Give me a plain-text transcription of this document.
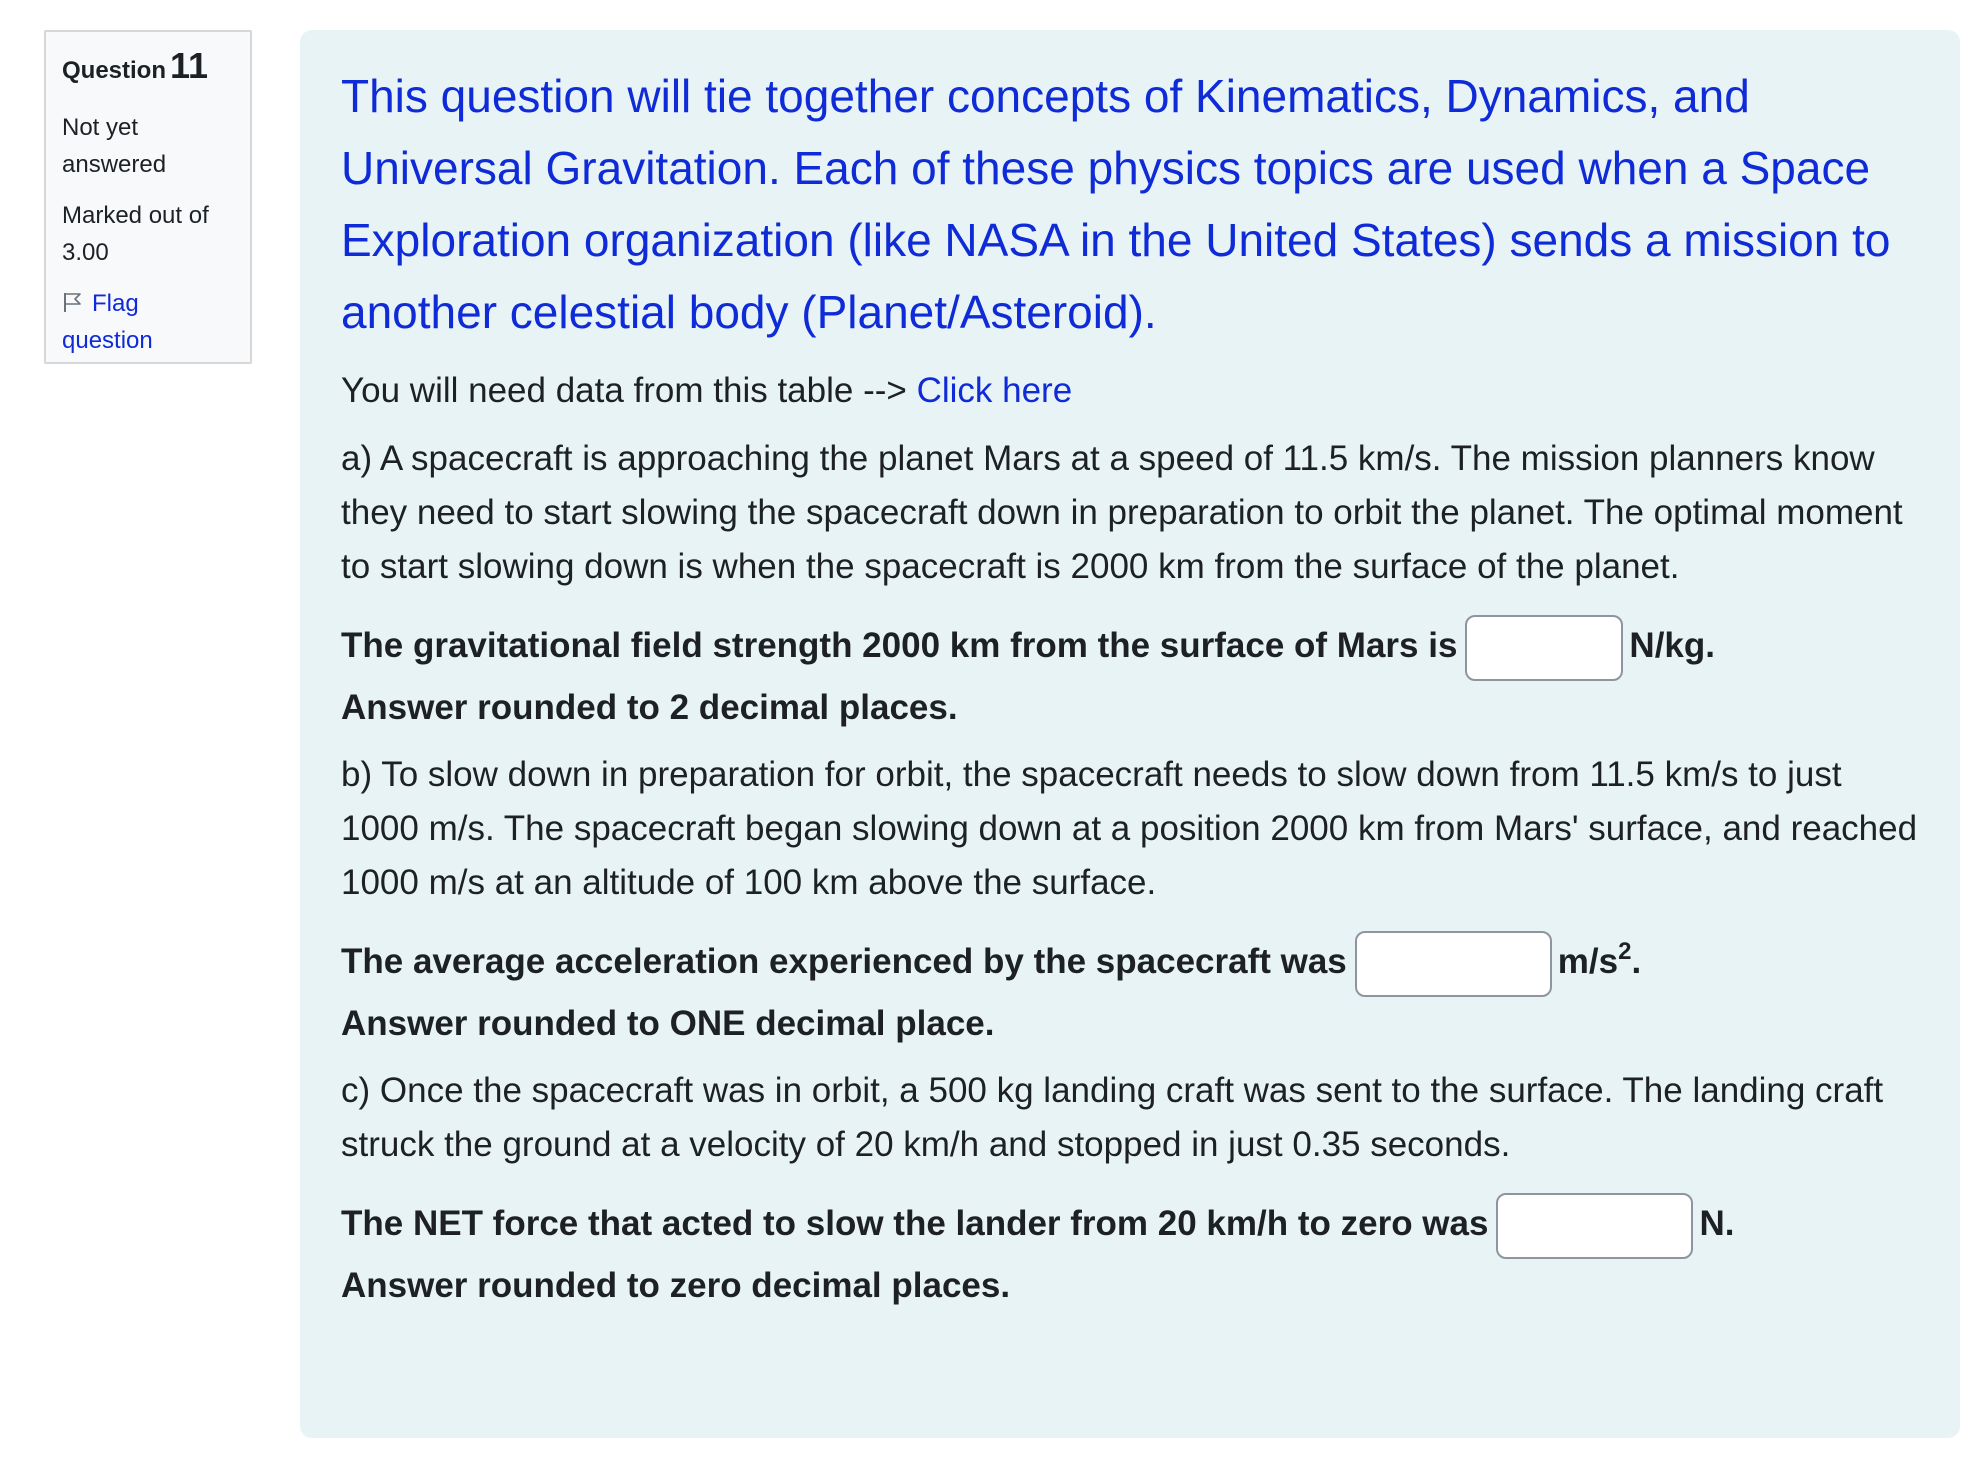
Question 11
Not yet answered
Marked out of 3.00
Flag question

This question will tie together concepts of Kinematics, Dynamics, and Universal Gravitation. Each of these physics topics are used when a Space Exploration organization (like NASA in the United States) sends a mission to another celestial body (Planet/Asteroid).

You will need data from this table --> Click here

a) A spacecraft is approaching the planet Mars at a speed of 11.5 km/s. The mission planners know they need to start slowing the spacecraft down in preparation to orbit the planet. The optimal moment to start slowing down is when the spacecraft is 2000 km from the surface of the planet.

The gravitational field strength 2000 km from the surface of Mars is	N/kg.

Answer rounded to 2 decimal places.

b) To slow down in preparation for orbit, the spacecraft needs to slow down from 11.5 km/s to just 1000 m/s. The spacecraft began slowing down at a position 2000 km from Mars' surface, and reached 1000 m/s at an altitude of 100 km above the surface.

The average acceleration experienced by the spacecraft was	$m/s^2$.

Answer rounded to ONE decimal place.

c) Once the spacecraft was in orbit, a 500 kg landing craft was sent to the surface. The landing craft struck the ground at a velocity of 20 km/h and stopped in just 0.35 seconds.

The NET force that acted to slow the lander from 20 km/h to zero was	N.

Answer rounded to zero decimal places.
